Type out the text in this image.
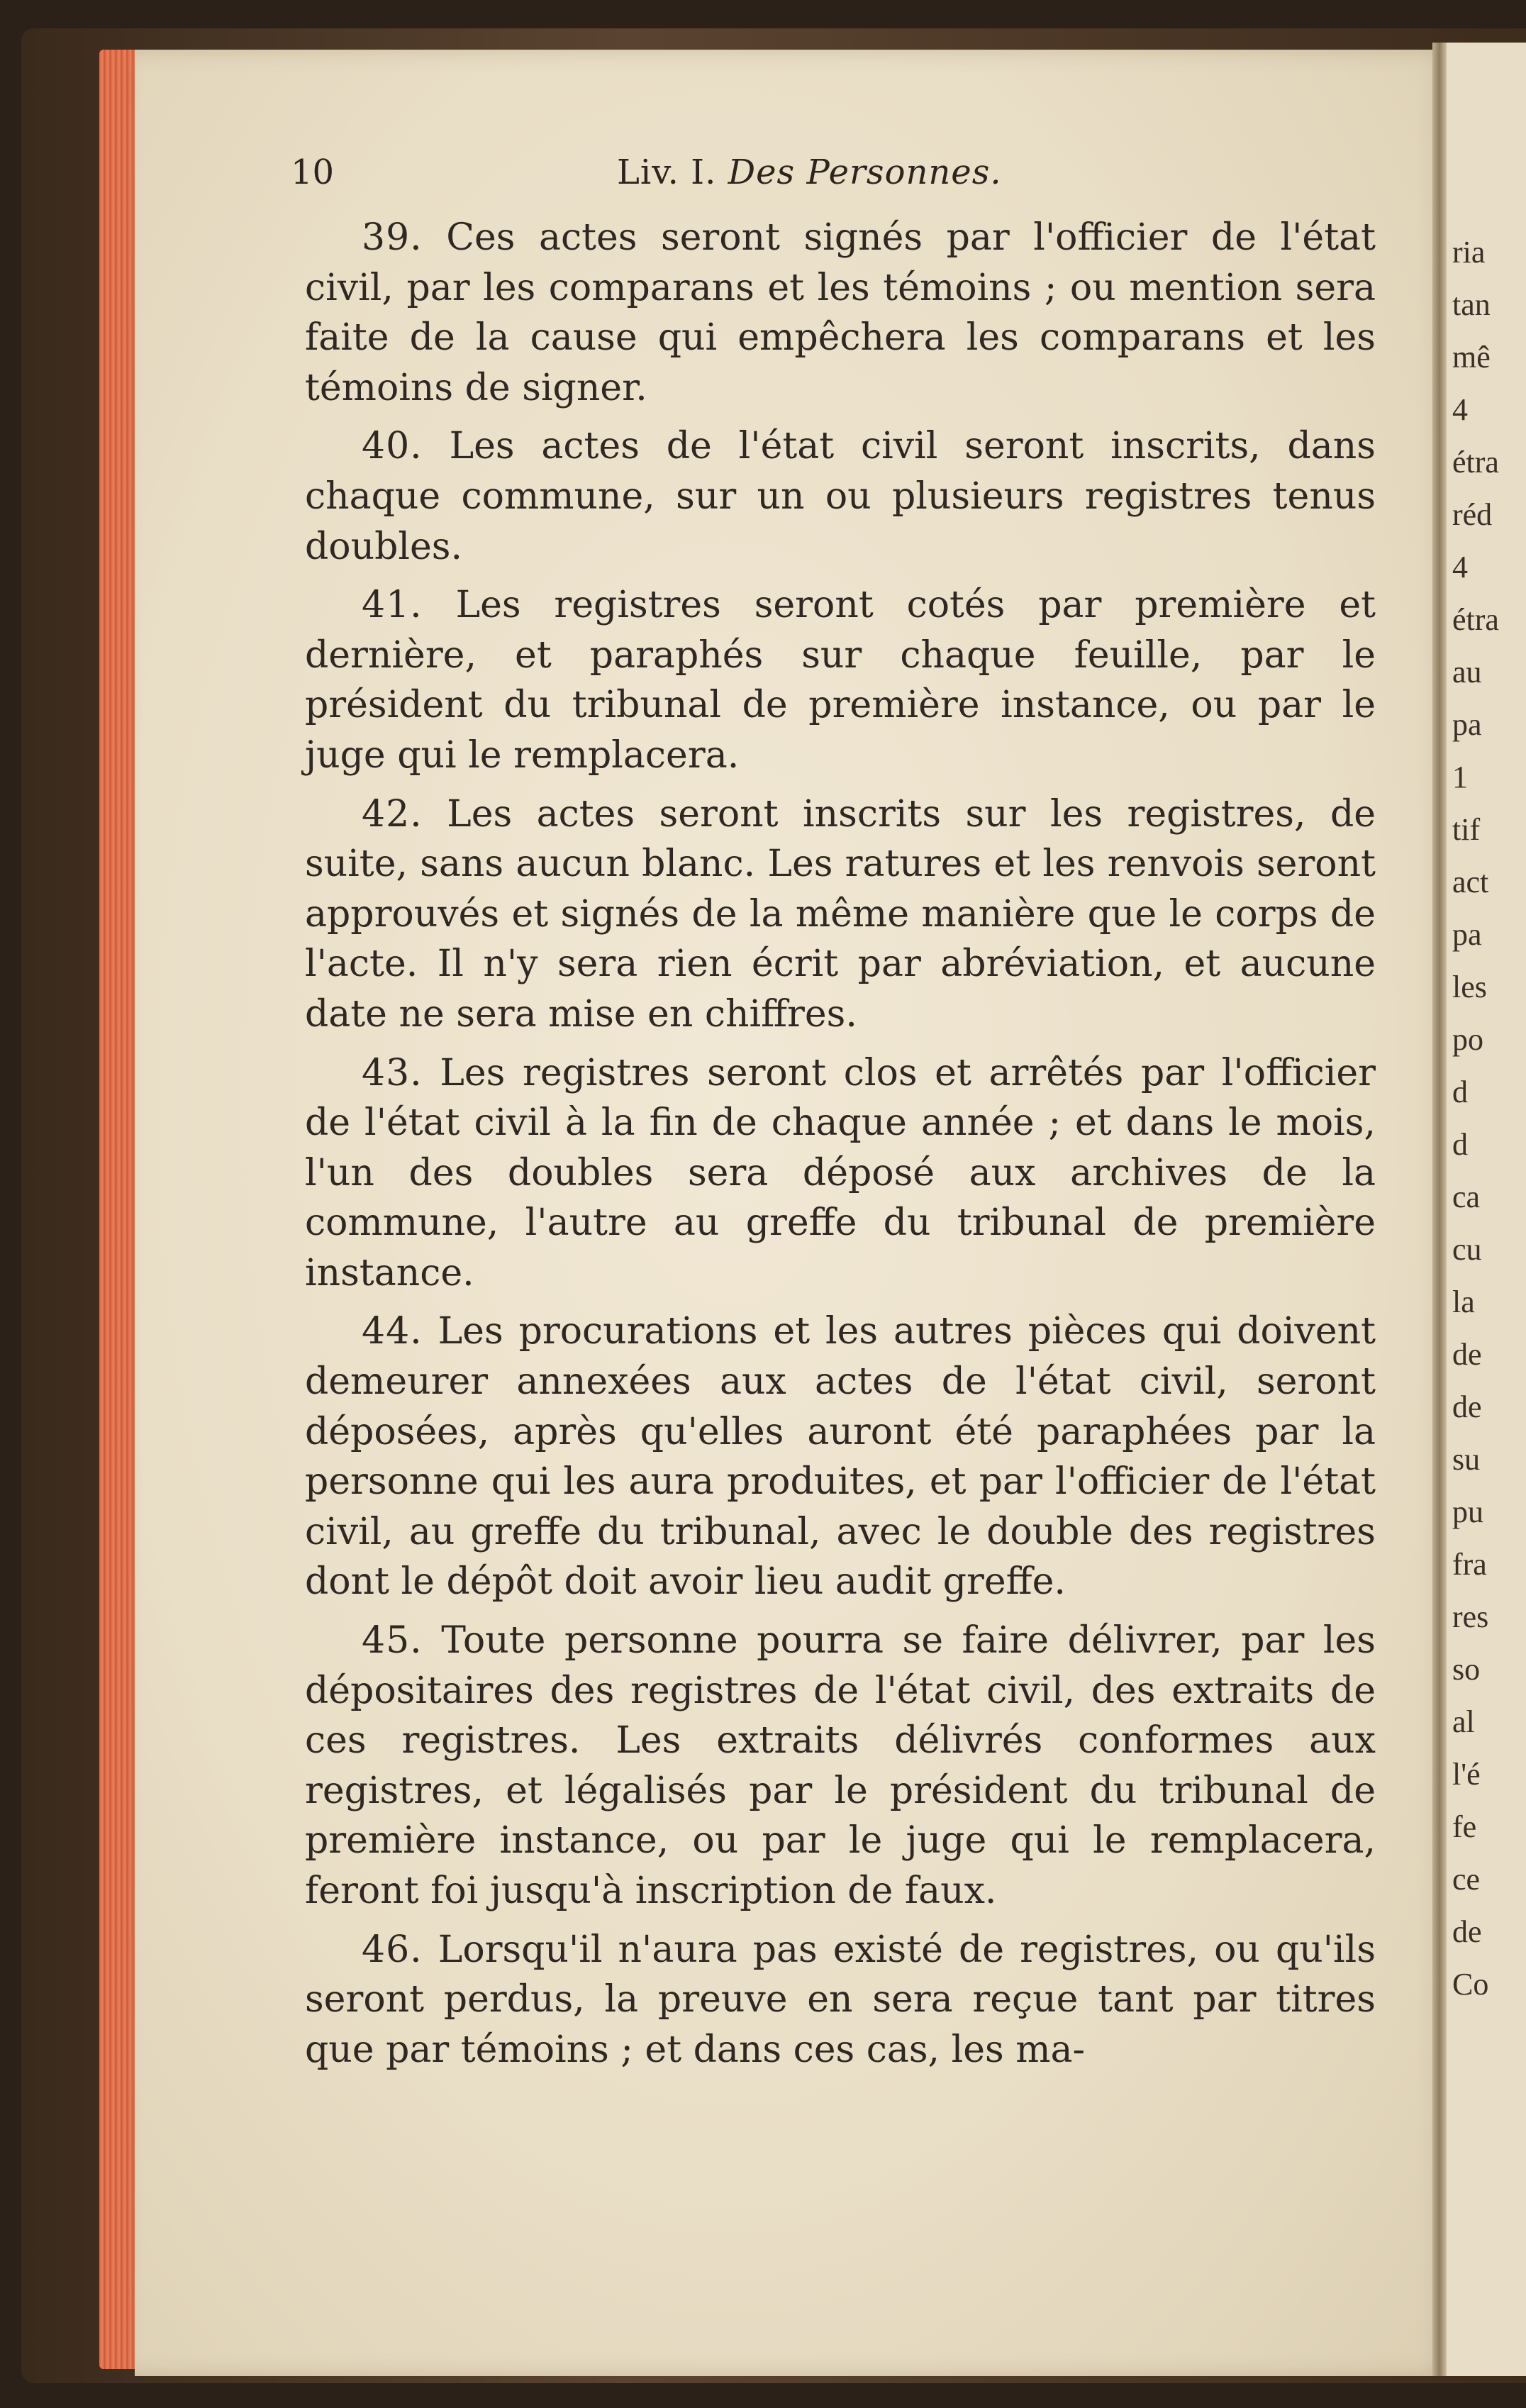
10	Liv. I. Des Personnes.

39. Ces actes seront signés par l'officier de l'état civil, par les comparans et les témoins ; ou mention sera faite de la cause qui empêchera les comparans et les témoins de signer.

40. Les actes de l'état civil seront inscrits, dans chaque commune, sur un ou plusieurs registres tenus doubles.

41. Les registres seront cotés par première et dernière, et paraphés sur chaque feuille, par le président du tribunal de première instance, ou par le juge qui le remplacera.

42. Les actes seront inscrits sur les registres, de suite, sans aucun blanc. Les ratures et les renvois seront approuvés et signés de la même manière que le corps de l'acte. Il n'y sera rien écrit par abréviation, et aucune date ne sera mise en chiffres.

43. Les registres seront clos et arrêtés par l'officier de l'état civil à la fin de chaque année ; et dans le mois, l'un des doubles sera déposé aux archives de la commune, l'autre au greffe du tribunal de première instance.

44. Les procurations et les autres pièces qui doivent demeurer annexées aux actes de l'état civil, seront déposées, après qu'elles auront été paraphées par la personne qui les aura produites, et par l'officier de l'état civil, au greffe du tribunal, avec le double des registres dont le dépôt doit avoir lieu audit greffe.

45. Toute personne pourra se faire délivrer, par les dépositaires des registres de l'état civil, des extraits de ces registres. Les extraits délivrés conformes aux registres, et légalisés par le président du tribunal de première instance, ou par le juge qui le remplacera, feront foi jusqu'à inscription de faux.

46. Lorsqu'il n'aura pas existé de registres, ou qu'ils seront perdus, la preuve en sera reçue tant par titres que par témoins ; et dans ces cas, les ma-

ria
tan
mê
4
étra
réd
4
étra
au
pa
1
tif
act
pa
les
po
d
d
ca
cu
la
de
de
su
pu
fra
res
so
al
l'é
fe
ce
de
Co
